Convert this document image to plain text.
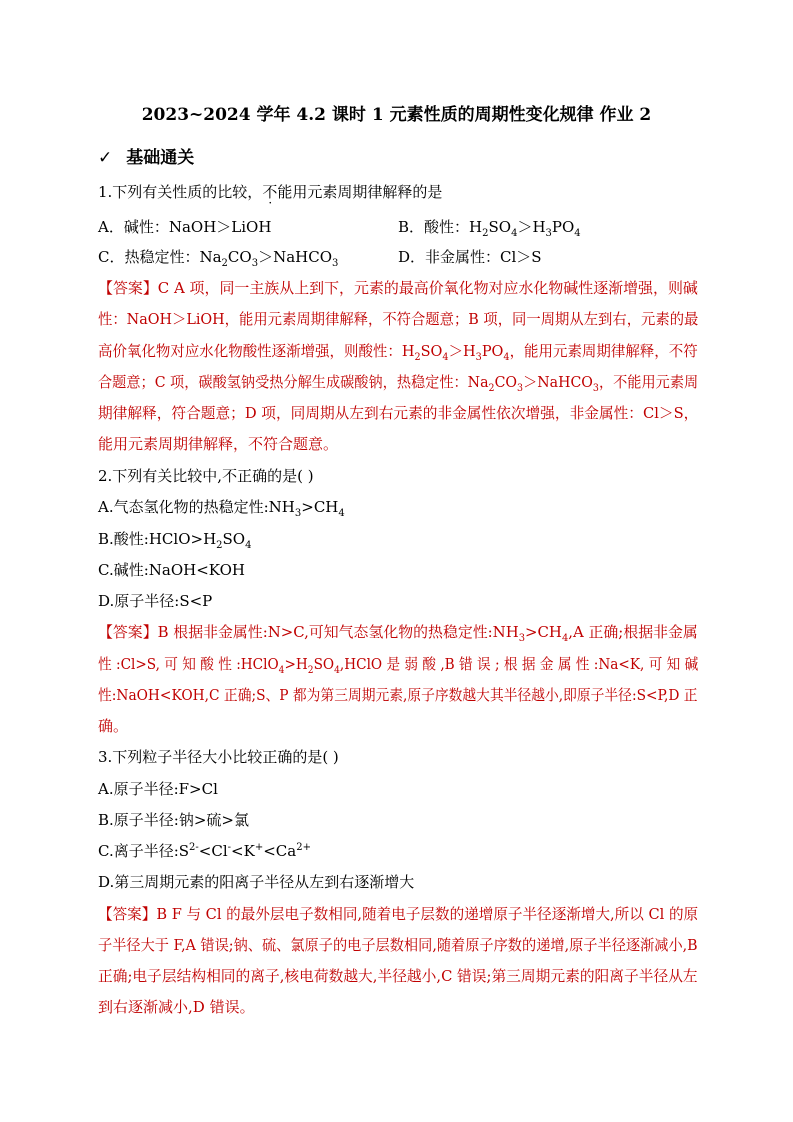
2023~2024 学年 4.2 课时 1 元素性质的周期性变化规律 作业 2
✓ 基础通关
1.下列有关性质的比较，不能用元素周期律解释的是
A．碱性：NaOH＞LiOH	B．酸性：$H_2SO_4>H_3PO_4$
C．热稳定性：$Na_2CO_3>NaHCO_3$	D．非金属性：Cl＞S
【答案】C A 项，同一主族从上到下，元素的最高价氧化物对应水化物碱性逐渐增强，则碱
性：NaOH＞LiOH，能用元素周期律解释，不符合题意；B 项，同一周期从左到右，元素的最
高价氧化物对应水化物酸性逐渐增强，则酸性：$H_2SO_4>H_3PO_4$，能用元素周期律解释，不符
合题意；C 项，碳酸氢钠受热分解生成碳酸钠，热稳定性：$Na_2CO_3>NaHCO_3$，不能用元素周
期律解释，符合题意；D 项，同周期从左到右元素的非金属性依次增强，非金属性：Cl＞S，
能用元素周期律解释，不符合题意。
2.下列有关比较中,不正确的是( )
A.气态氢化物的热稳定性$:NH_3>CH_4$
B.酸性$:HClO>H_2SO_4$
C.碱性:NaOH<KOH
D.原子半径:S<P
【答案】B 根据非金属性:N>C,可知气态氢化物的热稳定性$:NH_3>CH_4,A$ 正确;根据非金属
性 :Cl>S, 可 知 酸 性 $:HClO_4>H_2SO_4,HClO$ 是 弱 酸 ,B 错 误 ; 根 据 金 属 性 :Na<K, 可 知 碱
性:NaOH<KOH,C 正确;S、P 都为第三周期元素,原子序数越大其半径越小,即原子半径:S<P,D 正
确。
3.下列粒子半径大小比较正确的是( )
A.原子半径:F>Cl
B.原子半径:钠>硫>氯
C.离子半径$:S^{2-}<Cl^-<K^+<Ca^{2+}$
D.第三周期元素的阳离子半径从左到右逐渐增大
【答案】B F 与 Cl 的最外层电子数相同,随着电子层数的递增原子半径逐渐增大,所以 Cl 的原
子半径大于 F,A 错误;钠、硫、氯原子的电子层数相同,随着原子序数的递增,原子半径逐渐减小,B
正确;电子层结构相同的离子,核电荷数越大,半径越小,C 错误;第三周期元素的阳离子半径从左
到右逐渐减小,D 错误。
